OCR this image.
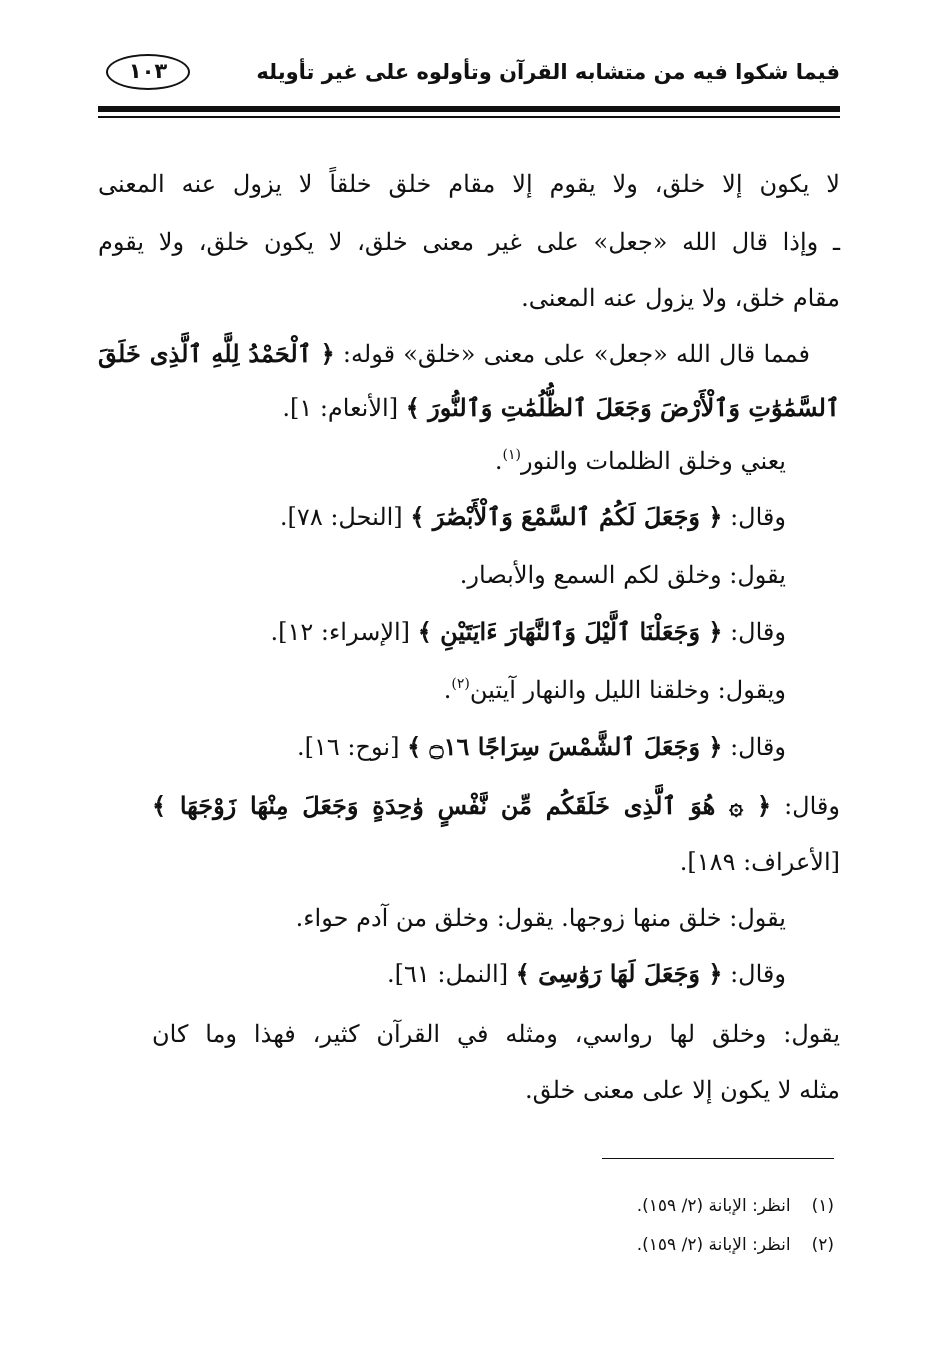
فيما شكوا فيه من متشابه القرآن وتأولوه على غير تأويله
١٠٣
لا يكون إلا خلق، ولا يقوم إلا مقام خلق خلقاً لا يزول عنه المعنى
ـ وإذا قال الله «جعل» على غير معنى خلق، لا يكون خلق، ولا يقوم
مقام خلق، ولا يزول عنه المعنى.
فمما قال الله «جعل» على معنى «خلق» قوله: ﴿ ٱلْحَمْدُ لِلَّهِ ٱلَّذِى خَلَقَ
ٱلسَّمَٰوَٰتِ وَٱلْأَرْضَ وَجَعَلَ ٱلظُّلُمَٰتِ وَٱلنُّورَ ﴾ [الأنعام: ١].
يعني وخلق الظلمات والنور$^{(١)}$.
وقال: ﴿ وَجَعَلَ لَكُمُ ٱلسَّمْعَ وَٱلْأَبْصَٰرَ ﴾ [النحل: ٧٨].
يقول: وخلق لكم السمع والأبصار.
وقال: ﴿ وَجَعَلْنَا ٱلَّيْلَ وَٱلنَّهَارَ ءَايَتَيْنِ ﴾ [الإسراء: ١٢].
ويقول: وخلقنا الليل والنهار آيتين$^{(٢)}$.
وقال: ﴿ وَجَعَلَ ٱلشَّمْسَ سِرَاجًا ۝١٦ ﴾ [نوح: ١٦].
وقال: ﴿ ۞ هُوَ ٱلَّذِى خَلَقَكُم مِّن نَّفْسٍ وَٰحِدَةٍ وَجَعَلَ مِنْهَا زَوْجَهَا ﴾
[الأعراف: ١٨٩].
يقول: خلق منها زوجها. يقول: وخلق من آدم حواء.
وقال: ﴿ وَجَعَلَ لَهَا رَوَٰسِىَ ﴾ [النمل: ٦١].
يقول: وخلق لها رواسي، ومثله في القرآن كثير، فهذا وما كان
مثله لا يكون إلا على معنى خلق.
(١) انظر: الإبانة (٢/ ١٥٩).
(٢) انظر: الإبانة (٢/ ١٥٩).
